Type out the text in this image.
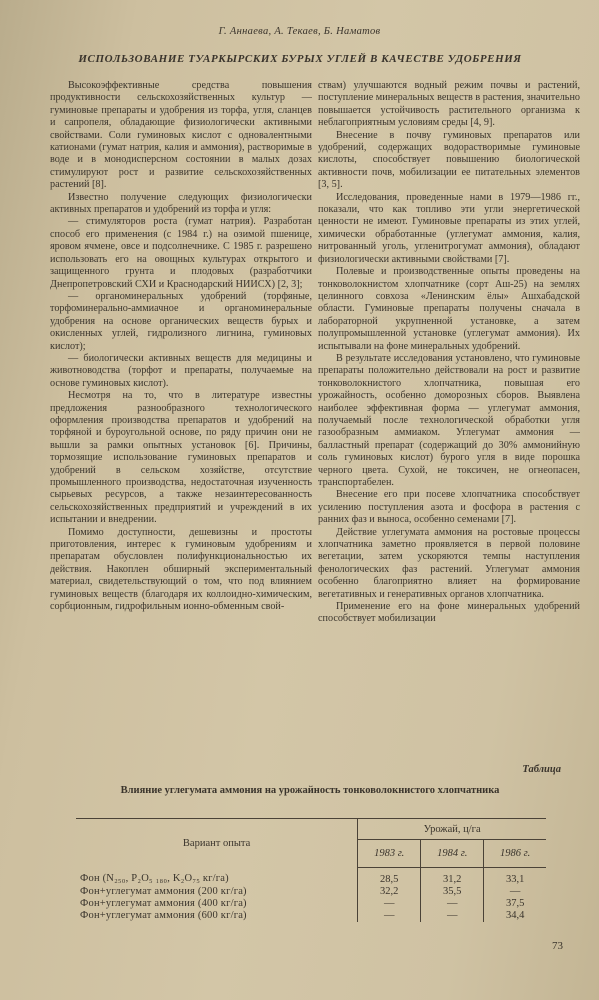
Г. Аннаева, А. Текаев, Б. Наматов
ИСПОЛЬЗОВАНИЕ ТУАРКЫРСКИХ БУРЫХ УГЛЕЙ В КАЧЕСТВЕ УДОБРЕНИЯ

Высокоэффективные средства повышения продуктивности сельскохозяйственных культур — гуминовые препараты и удобрения из торфа, угля, сланцев и сапропеля, обладающие физиологически активными свойствами. Соли гуминовых кислот с одновалентными катионами (гумат натрия, калия и аммония), растворимые в воде и в монодисперсном состоянии в малых дозах стимулируют рост и развитие сельскохозяйственных растений [8].

Известно получение следующих физиологически активных препаратов и удобрений из торфа и угля:

— стимуляторов роста (гумат натрия). Разработан способ его применения (с 1984 г.) на озимой пшенице, яровом ячмене, овсе и подсолнечнике. С 1985 г. разрешено использовать его на овощных культурах открытого и защищенного грунта и плодовых (разработчики Днепропетровский СХИ и Краснодарский НИИСХ) [2, 3];

— органоминеральных удобрений (торфяные, торфоминерально-аммиачное и органоминеральные удобрения на основе органических веществ бурых и окисленных углей, гидролизного лигнина, гуминовых кислот);

— биологически активных веществ для медицины и животноводства (торфот и препараты, получаемые на основе гуминовых кислот).

Несмотря на то, что в литературе известны предложения разнообразного технологического оформления производства препаратов и удобрений на торфяной и буроугольной основе, по ряду причин они не вышли за рамки опытных установок [6]. Причины, тормозящие использование гуминовых препаратов и удобрений в сельском хозяйстве, отсутствие промышленного производства, недостаточная изученность сырьевых ресурсов, а также незаинтересованность сельскохозяйственных предприятий и учреждений в их испытании и внедрении.

Помимо доступности, дешевизны и простоты приготовления, интерес к гуминовым удобрениям и препаратам обусловлен полифункциональностью их действия. Накоплен обширный экспериментальный материал, свидетельствующий о том, что под влиянием гуминовых веществ (благодаря их коллоидно-химическим, сорбционным, гидрофильным ионно-обменным свой-

ствам) улучшаются водный режим почвы и растений, поступление минеральных веществ в растения, значительно повышается устойчивость растительного организма к неблагоприятным условиям среды [4, 9].

Внесение в почву гуминовых препаратов или удобрений, содержащих водорастворимые гуминовые кислоты, способствует повышению биологической активности почв, мобилизации ее питательных элементов [3, 5].

Исследования, проведенные нами в 1979—1986 гг., показали, что как топливо эти угли энергетической ценности не имеют. Гуминовые препараты из этих углей, химически обработанные (углегумат аммония, калия, нитрованный уголь, угленитрогумат аммония), обладают физиологически активными свойствами [7].

Полевые и производственные опыты проведены на тонковолокнистом хлопчатнике (сорт Аш-25) на землях целинного совхоза «Ленинским ёлы» Ашхабадской области. Гуминовые препараты получены сначала в лабораторной укрупненной установке, а затем полупромышленной установке (углегумат аммония). Их испытывали на фоне минеральных удобрений.

В результате исследования установлено, что гуминовые препараты положительно действовали на рост и развитие тонковолокнистого хлопчатника, повышая его урожайность, особенно доморозных сборов. Выявлена наиболее эффективная форма — углегумат аммония, получаемый после технологической обработки угля газообразным аммиаком. Углегумат аммония — балластный препарат (содержащий до 30% аммонийную соль гуминовых кислот) бурого угля в виде порошка черного цвета. Сухой, не токсичен, не огнеопасен, транспортабелен.

Внесение его при посеве хлопчатника способствует усилению поступления азота и фосфора в растения с ранних фаз и выноса, особенно семенами [7].

Действие углегумата аммония на ростовые процессы хлопчатника заметно проявляется в первой половине вегетации, затем ускоряются темпы наступления фенологических фаз растений. Углегумат аммония особенно благоприятно влияет на формирование вегетативных и генеративных органов хлопчатника.

Применение его на фоне минеральных удобрений способствует мобилизации

Таблица
Влияние углегумата аммония на урожайность тонковолокнистого хлопчатника
Вариант опыта	Урожай, ц/га		
	1983 г.	1984 г.	1986 г.
Фон (N₂₅₀, P₂O₅ ₁₈₀, K₂O₇₅ кг/га)	28,5	31,2	33,1
Фон+углегумат аммония (200 кг/га)	32,2	35,5	—
Фон+углегумат аммония (400 кг/га)	—	—	37,5
Фон+углегумат аммония (600 кг/га)	—	—	34,4
73
